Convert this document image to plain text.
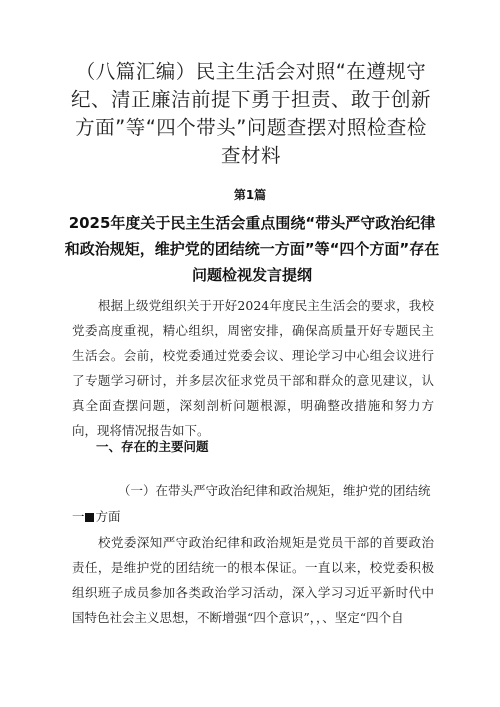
（八篇汇编）民主生活会对照“在遵规守纪、清正廉洁前提下勇于担责、敢于创新方面”等“四个带头”问题查摆对照检查检查材料
第1篇
2025年度关于民主生活会重点围绕“带头严守政治纪律和政治规矩，维护党的团结统一方面”等“四个方面”存在问题检视发言提纲
根据上级党组织关于开好2024年度民主生活会的要求，我校党委高度重视，精心组织，周密安排，确保高质量开好专题民主生活会。会前，校党委通过党委会议、理论学习中心组会议进行了专题学习研讨，并多层次征求党员干部和群众的意见建议，认真全面查摆问题，深刻剖析问题根源，明确整改措施和努力方向，现将情况报告如下。
一、存在的主要问题
（一）在带头严守政治纪律和政治规矩，维护党的团结统一 方面
校党委深知严守政治纪律和政治规矩是党员干部的首要政治责任，是维护党的团结统一的根本保证。一直以来，校党委积极组织班子成员参加各类政治学习活动，深入学习习近平新时代中国特色社会主义思想，不断增强“四个意识”，，、坚定“四个自
